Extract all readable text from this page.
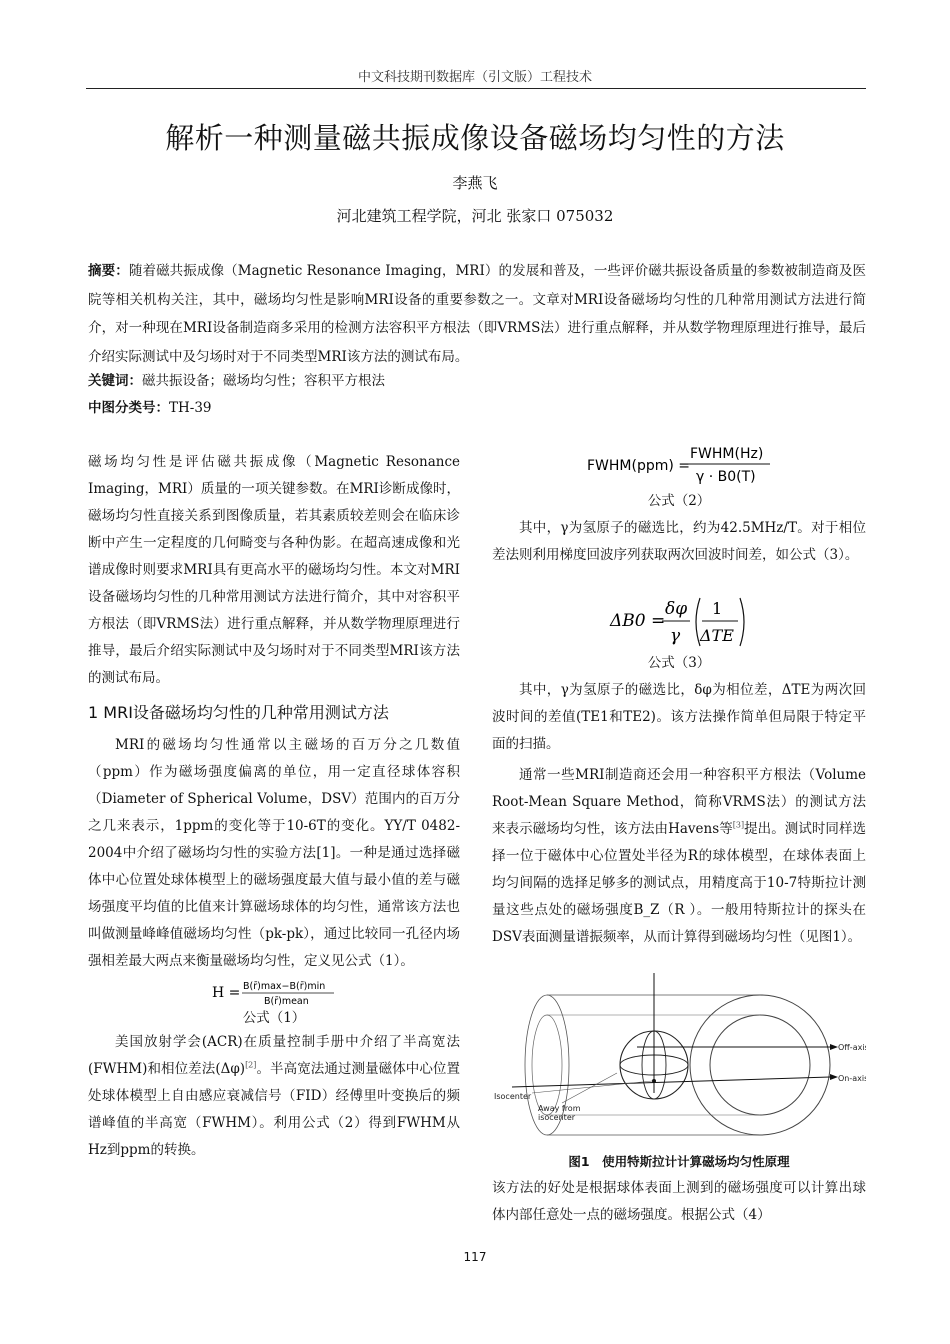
中文科技期刊数据库（引文版）工程技术
解析一种测量磁共振成像设备磁场均匀性的方法
李燕飞
河北建筑工程学院，河北 张家口 075032
摘要：随着磁共振成像（Magnetic Resonance Imaging，MRI）的发展和普及，一些评价磁共振设备质量的参数被制造商及医院等相关机构关注，其中，磁场均匀性是影响MRI设备的重要参数之一。文章对MRI设备磁场均匀性的几种常用测试方法进行简介，对一种现在MRI设备制造商多采用的检测方法容积平方根法（即VRMS法）进行重点解释，并从数学物理原理进行推导，最后介绍实际测试中及匀场时对于不同类型MRI该方法的测试布局。
关键词：磁共振设备；磁场均匀性；容积平方根法
中图分类号：TH-39

磁场均匀性是评估磁共振成像（Magnetic Resonance Imaging，MRI）质量的一项关键参数。在MRI诊断成像时，磁场均匀性直接关系到图像质量，若其素质较差则会在临床诊断中产生一定程度的几何畸变与各种伪影。在超高速成像和光谱成像时则要求MRI具有更高水平的磁场均匀性。本文对MRI设备磁场均匀性的几种常用测试方法进行简介，其中对容积平方根法（即VRMS法）进行重点解释，并从数学物理原理进行推导，最后介绍实际测试中及匀场时对于不同类型MRI该方法的测试布局。

1 MRI设备磁场均匀性的几种常用测试方法

MRI的磁场均匀性通常以主磁场的百万分之几数值（ppm）作为磁场强度偏离的单位，用一定直径球体容积（Diameter of Spherical Volume，DSV）范围内的百万分之几来表示，1ppm的变化等于10-6T的变化。YY/T 0482-2004中介绍了磁场均匀性的实验方法[1]。一种是通过选择磁体中心位置处球体模型上的磁场强度最大值与最小值的差与磁场强度平均值的比值来计算磁场球体的均匀性，通常该方法也叫做测量峰峰值磁场均匀性（pk-pk），通过比较同一孔径内场强相差最大两点来衡量磁场均匀性，定义见公式（1）。

H = B(r̄)max−B(r̄)min
B(r̄)mean

公式（1）

美国放射学会(ACR)在质量控制手册中介绍了半高宽法(FWHM)和相位差法(Δφ)[2]。半高宽法通过测量磁体中心位置处球体模型上自由感应衰减信号（FID）经傅里叶变换后的频谱峰值的半高宽（FWHM）。利用公式（2）得到FWHM从Hz到ppm的转换。

FWHM(ppm) =
FWHM(Hz)
γ · B0(T)

公式（2）

其中，γ为氢原子的磁选比，约为42.5MHz/T。对于相位差法则利用梯度回波序列获取两次回波时间差，如公式（3）。

ΔB0 =
δφ
γ
1
ΔTE

公式（3）

其中，γ为氢原子的磁选比，δφ为相位差，ΔTE为两次回波时间的差值(TE1和TE2)。该方法操作简单但局限于特定平面的扫描。

通常一些MRI制造商还会用一种容积平方根法（Volume Root-Mean Square Method，简称VRMS法）的测试方法来表示磁场均匀性，该方法由Havens等[3]提出。测试时同样选择一位于磁体中心位置处半径为R的球体模型，在球体表面上均匀间隔的选择足够多的测试点，用精度高于10-7特斯拉计测量这些点处的磁场强度B_Z（R ）。一般用特斯拉计的探头在DSV表面测量谱振频率，从而计算得到磁场均匀性（见图1）。

Off-axis
On-axis
Isocenter
Away from
isocenter
图1　使用特斯拉计计算磁场均匀性原理

该方法的好处是根据球体表面上测到的磁场强度可以计算出球体内部任意处一点的磁场强度。根据公式（4）

117
